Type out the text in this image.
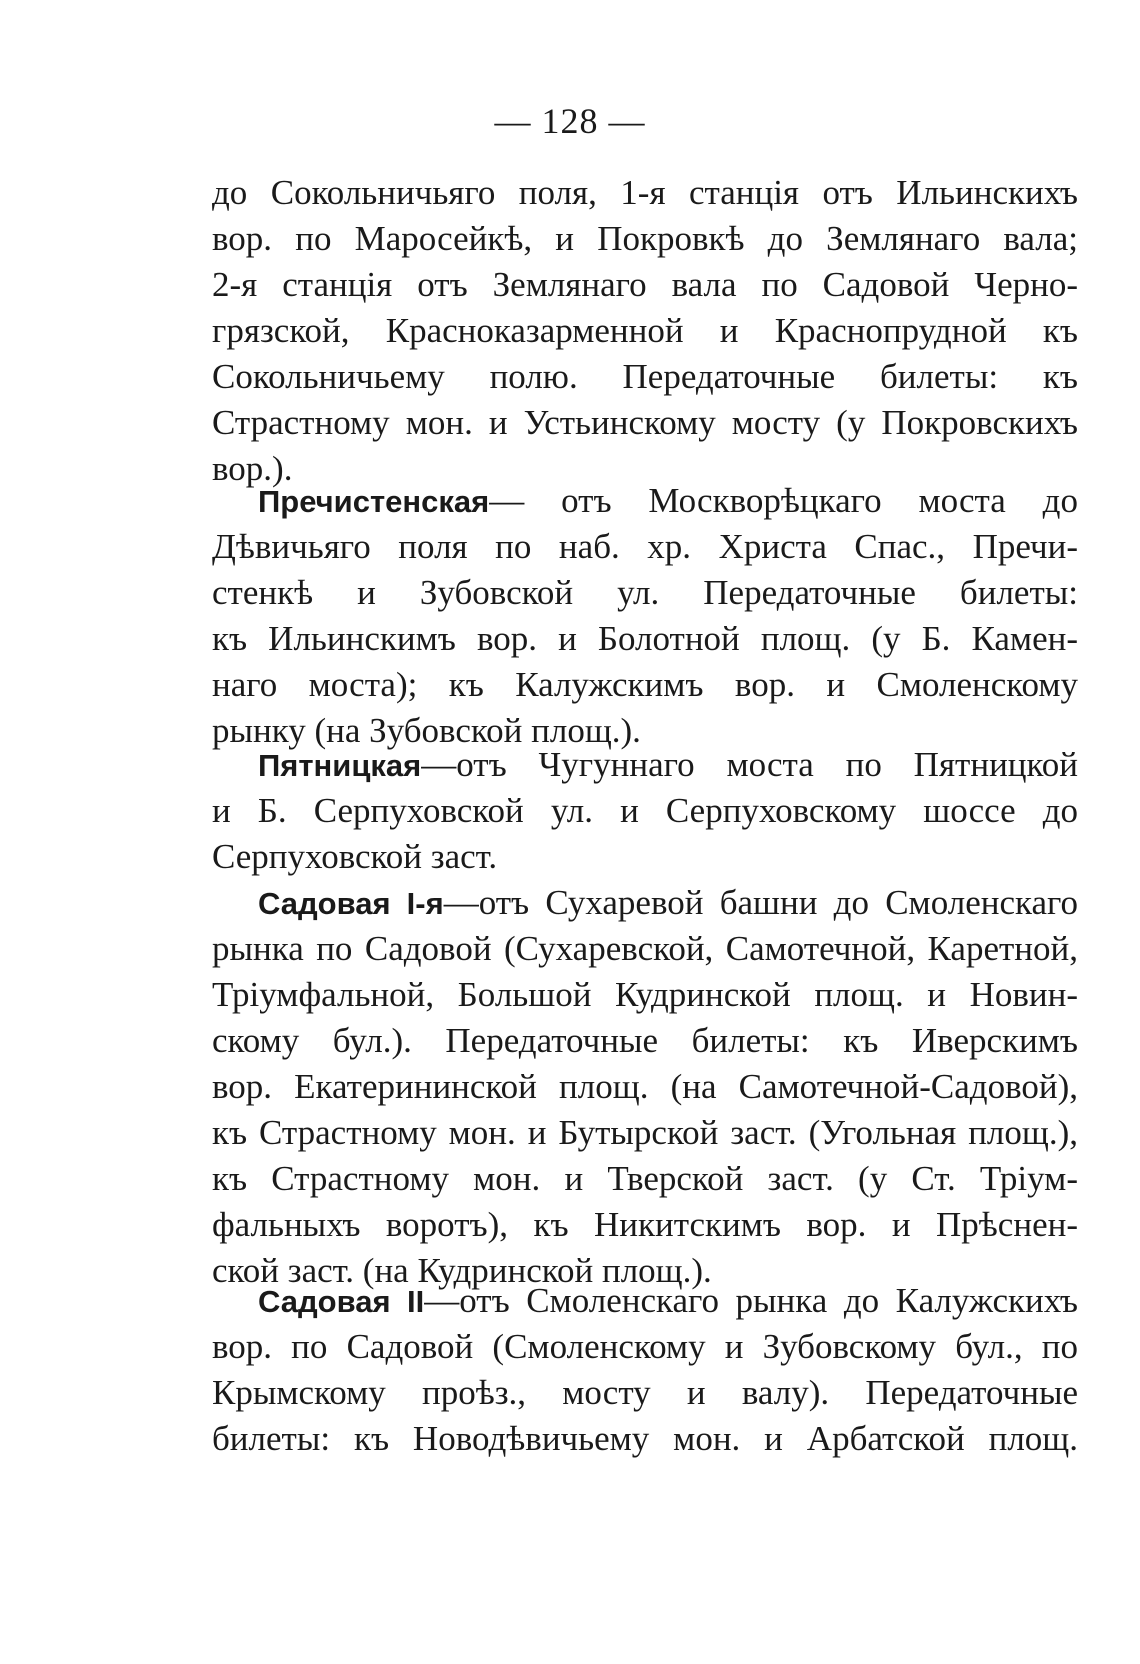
— 128 —
до Сокольничьяго поля, 1-я станція отъ Ильинскихъ
вор. по Маросейкѣ, и Покровкѣ до Землянаго вала;
2-я станція отъ Землянаго вала по Садовой Черно-
грязской, Краснoказарменной и Краснопрудной къ
Сокольничьему полю. Передаточные билеты: къ
Страстному мон. и Устьинскому мосту (у Покровскихъ
вор.).
Пречистенская— отъ Москворѣцкаго моста до
Дѣвичьяго поля по наб. хр. Христа Спас., Пречи-
стенкѣ и Зубовской ул. Передаточные билеты:
къ Ильинскимъ вор. и Болотной площ. (у Б. Камен-
наго моста); къ Калужскимъ вор. и Смоленскому
рынку (на Зубовской площ.).
Пятницкая—отъ Чугуннаго моста по Пятницкой
и Б. Серпуховской ул. и Серпуховскому шоссе до
Серпуховской заст.
Садовая I-я—отъ Сухаревой башни до Смоленскаго
рынка по Садовой (Сухаревской, Самотечной, Каретной,
Тріумфальной, Большой Кудринской площ. и Новин-
скому бул.). Передаточные билеты: къ Иверскимъ
вор. Екатерининской площ. (на Самотечной-Садовой),
къ Страстному мон. и Бутырской заст. (Угольная площ.),
къ Страстному мон. и Тверской заст. (у Ст. Тріум-
фальныхъ воротъ), къ Никитскимъ вор. и Прѣснен-
ской заст. (на Кудринской площ.).
Садовая II—отъ Смоленскаго рынка до Калужскихъ
вор. по Садовой (Смоленскому и Зубовскому бул., по
Крымскому проѣз., мосту и валу). Передаточные
билеты: къ Новодѣвичьему мон. и Арбатской площ.
